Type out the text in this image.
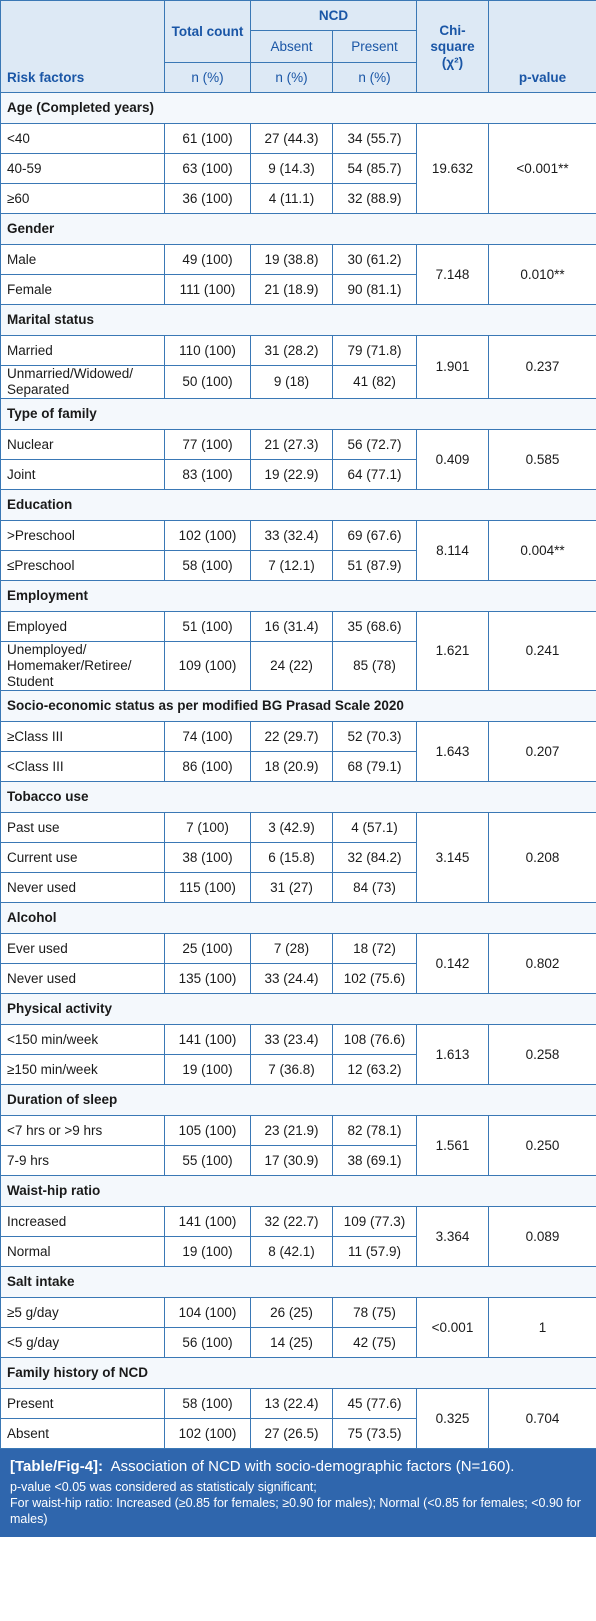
Risk factors	Total count	NCD		Chi-square (χ²)	p-value
		Absent	Present		
	n (%)	n (%)	n (%)		
Age (Completed years)					
<40	61 (100)	27 (44.3)	34 (55.7)	19.632	<0.001**
40-59	63 (100)	9 (14.3)	54 (85.7)		
≥60	36 (100)	4 (11.1)	32 (88.9)		
Gender					
Male	49 (100)	19 (38.8)	30 (61.2)	7.148	0.010**
Female	111 (100)	21 (18.9)	90 (81.1)		
Marital status					
Married	110 (100)	31 (28.2)	79 (71.8)	1.901	0.237
Unmarried/Widowed/ Separated	50 (100)	9 (18)	41 (82)		
Type of family					
Nuclear	77 (100)	21 (27.3)	56 (72.7)	0.409	0.585
Joint	83 (100)	19 (22.9)	64 (77.1)		
Education					
>Preschool	102 (100)	33 (32.4)	69 (67.6)	8.114	0.004**
≤Preschool	58 (100)	7 (12.1)	51 (87.9)		
Employment					
Employed	51 (100)	16 (31.4)	35 (68.6)	1.621	0.241
Unemployed/ Homemaker/Retiree/ Student	109 (100)	24 (22)	85 (78)		
Socio-economic status as per modified BG Prasad Scale 2020					
≥Class III	74 (100)	22 (29.7)	52 (70.3)	1.643	0.207
<Class III	86 (100)	18 (20.9)	68 (79.1)		
Tobacco use					
Past use	7 (100)	3 (42.9)	4 (57.1)	3.145	0.208
Current use	38 (100)	6 (15.8)	32 (84.2)		
Never used	115 (100)	31 (27)	84 (73)		
Alcohol					
Ever used	25 (100)	7 (28)	18 (72)	0.142	0.802
Never used	135 (100)	33 (24.4)	102 (75.6)		
Physical activity					
<150 min/week	141 (100)	33 (23.4)	108 (76.6)	1.613	0.258
≥150 min/week	19 (100)	7 (36.8)	12 (63.2)		
Duration of sleep					
<7 hrs or >9 hrs	105 (100)	23 (21.9)	82 (78.1)	1.561	0.250
7-9 hrs	55 (100)	17 (30.9)	38 (69.1)		
Waist-hip ratio					
Increased	141 (100)	32 (22.7)	109 (77.3)	3.364	0.089
Normal	19 (100)	8 (42.1)	11 (57.9)		
Salt intake					
≥5 g/day	104 (100)	26 (25)	78 (75)	<0.001	1
<5 g/day	56 (100)	14 (25)	42 (75)		
Family history of NCD					
Present	58 (100)	13 (22.4)	45 (77.6)	0.325	0.704
Absent	102 (100)	27 (26.5)	75 (73.5)		
[Table/Fig-4]: Association of NCD with socio-demographic factors (N=160).
p-value <0.05 was considered as statisticaly significant;
For waist-hip ratio: Increased (≥0.85 for females; ≥0.90 for males); Normal (<0.85 for females; <0.90 for males)
